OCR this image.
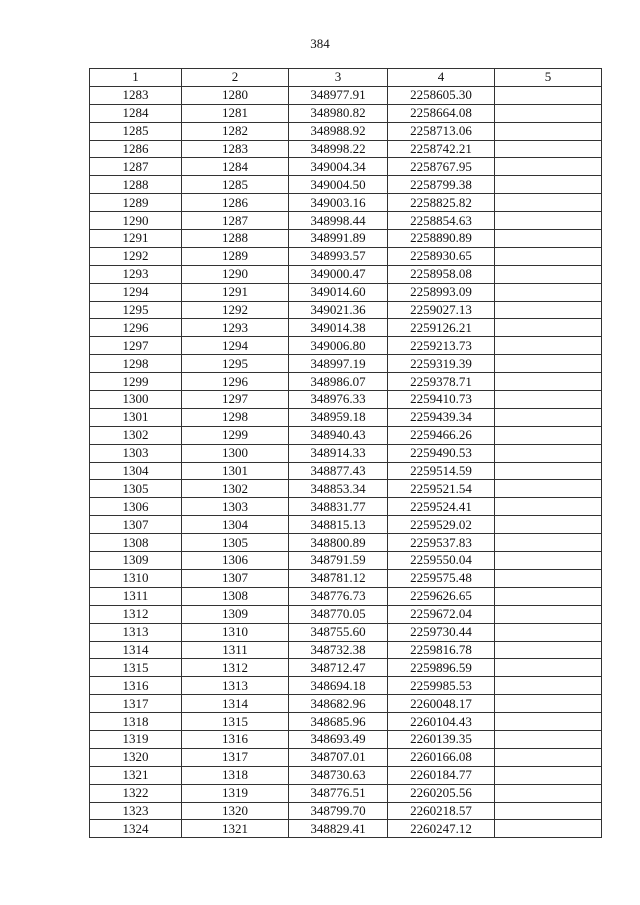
384
1	2	3	4	5
1283	1280	348977.91	2258605.30	
1284	1281	348980.82	2258664.08	
1285	1282	348988.92	2258713.06	
1286	1283	348998.22	2258742.21	
1287	1284	349004.34	2258767.95	
1288	1285	349004.50	2258799.38	
1289	1286	349003.16	2258825.82	
1290	1287	348998.44	2258854.63	
1291	1288	348991.89	2258890.89	
1292	1289	348993.57	2258930.65	
1293	1290	349000.47	2258958.08	
1294	1291	349014.60	2258993.09	
1295	1292	349021.36	2259027.13	
1296	1293	349014.38	2259126.21	
1297	1294	349006.80	2259213.73	
1298	1295	348997.19	2259319.39	
1299	1296	348986.07	2259378.71	
1300	1297	348976.33	2259410.73	
1301	1298	348959.18	2259439.34	
1302	1299	348940.43	2259466.26	
1303	1300	348914.33	2259490.53	
1304	1301	348877.43	2259514.59	
1305	1302	348853.34	2259521.54	
1306	1303	348831.77	2259524.41	
1307	1304	348815.13	2259529.02	
1308	1305	348800.89	2259537.83	
1309	1306	348791.59	2259550.04	
1310	1307	348781.12	2259575.48	
1311	1308	348776.73	2259626.65	
1312	1309	348770.05	2259672.04	
1313	1310	348755.60	2259730.44	
1314	1311	348732.38	2259816.78	
1315	1312	348712.47	2259896.59	
1316	1313	348694.18	2259985.53	
1317	1314	348682.96	2260048.17	
1318	1315	348685.96	2260104.43	
1319	1316	348693.49	2260139.35	
1320	1317	348707.01	2260166.08	
1321	1318	348730.63	2260184.77	
1322	1319	348776.51	2260205.56	
1323	1320	348799.70	2260218.57	
1324	1321	348829.41	2260247.12	
